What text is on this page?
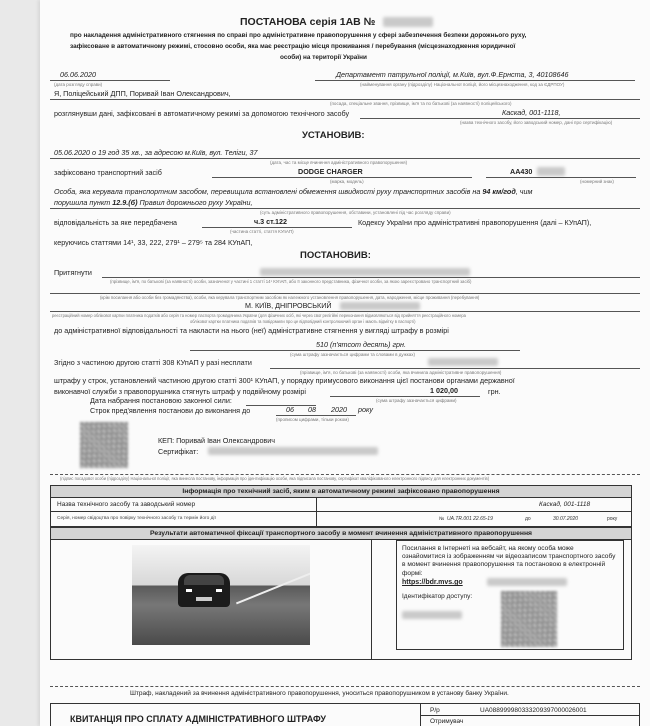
ПОСТАНОВА серія 1АВ №
про накладення адміністративного стягнення по справі про адміністративне правопорушення у сфері забезпечення безпеки дорожнього руху,
зафіксоване в автоматичному режимі, стосовно особи, яка має реєстрацію місця проживання / перебування (місцезнаходження юридичної
особи) на території України
06.06.2020
(дата розгляду справи)
Департамент патрульної поліції, м.Київ, вул.Ф.Ернста, 3, 40108646
(найменування органу (підрозділу) Національної поліції, його місцезнаходження, код за ЄДРПОУ)
Я, Поліцейський ДПП, Поривай Іван Олександрович,
(посада, спеціальне звання, прізвище, ім'я та по батькові (за наявності) поліцейського)
розглянувши дані, зафіксовані в автоматичному режимі за допомогою технічного засобу	Каскад, 001-1118,
(назва технічного засобу, його заводський номер, дані про сертифікацію)
УСТАНОВИВ:
05.06.2020 о 19 год 35 хв., за адресою м.Київ, вул. Теліги, 37
(дата, час та місце вчинення адміністративного правопорушення)
зафіксовано транспортний засіб	DODGE CHARGER
(марка, модель)
AA430
(номерний знак)
Особа, яка керувала транспортним засобом, перевищила встановлені обмеження швидкості руху транспортних засобів на 94 км/год, чим
порушила пункт 12.9.(б) Правил дорожнього руху України,
(суть адміністративного правопорушення, обставини, установлені під час розгляду справи)
відповідальність за яке передбачена	ч.3 ст.122
(частина статті, стаття КУпАП)
Кодексу України про адміністративні правопорушення (далі – КУпАП),
керуючись статтями 14¹, 33, 222, 279¹ – 279⁵ та 284 КУпАП,
ПОСТАНОВИВ:
Притягнути
(прізвище, ім'я, по батькові (за наявності) особи, зазначеної у частині 1 статті 14¹ КУпАП, або її законного представника, фізичної особи, за якою зареєстровано транспортний засіб)
(крім посилання або особи без громадянства), особи, яка керувала транспортним засобом як належного установлення правопорушення, дата, народження, місце проживання (перебування)
М. КИЇВ, ДНІПРОВСЬКИЙ
реєстраційний номер облікової картки платника податків або серія та номер паспорта громадянина України (для фізичних осіб, які через свої релігійні переконання відмовляються від прийняття реєстраційного номера
облікової картки платника податків та повідомили про це відповідний контролюючий орган і мають відмітку в паспорті)
до адміністративної відповідальності та накласти на нього (неї) адміністративне стягнення у вигляді штрафу в розмірі
510 (п'ятсот десять) грн.
(сума штрафу зазначається цифрами та словами в дужках)
Згідно з частиною другою статті 308 КУпАП у разі несплати
(прізвище, ім'я, по батькові (за наявності) особи, яка вчинила адміністративне правопорушення)
штрафу у строк, установлений частиною другою статті 300¹ КУпАП, у порядку примусового виконання цієї постанови органами державної
виконавчої служби з правопорушника стягнуть штраф у подвійному розмірі	1 020,00	грн.
(сума штрафу зазначається цифрами)
Дата набрання постановою законної сили:
Строк пред'явлення постанови до виконання до	06 08 2020 року
(прописом цифрами, тільки роком)
КЕП: Поривай Іван Олександрович
Сертифікат:
(підпис посадової особи (підрозділу) Національної поліції, яка винесла постанову, інформація про ідентифікацію особи, яка підписала постанову, сертифікат кваліфікованого електронного підпису для електронних документів)
Інформація про технічний засіб, яким в автоматичному режимі зафіксовано правопорушення
Назва технічного засобу та заводський номер	Каскад, 001-1118
Серія, номер свідоцтва про повірку технічного засобу та термін його дії	№ UA.TR.001 22.65-19	до	30.07.2020	року
Результати автоматичної фіксації транспортного засобу в момент вчинення адміністративного правопорушення
Посилання в Інтернеті на вебсайт, на якому особа може ознайомитися із зображенням чи відеозаписом транспортного засобу в момент вчинення правопорушення та постановою в електронній формі:
https://bdr.mvs.go
Ідентифікатор доступу:
Штраф, накладений за вчинення адміністративного правопорушення, уноситься правопорушником в установу банку України.
КВИТАНЦІЯ ПРО СПЛАТУ АДМІНІСТРАТИВНОГО ШТРАФУ
Р/р	UA088999980333209397000026001
Отримувач
